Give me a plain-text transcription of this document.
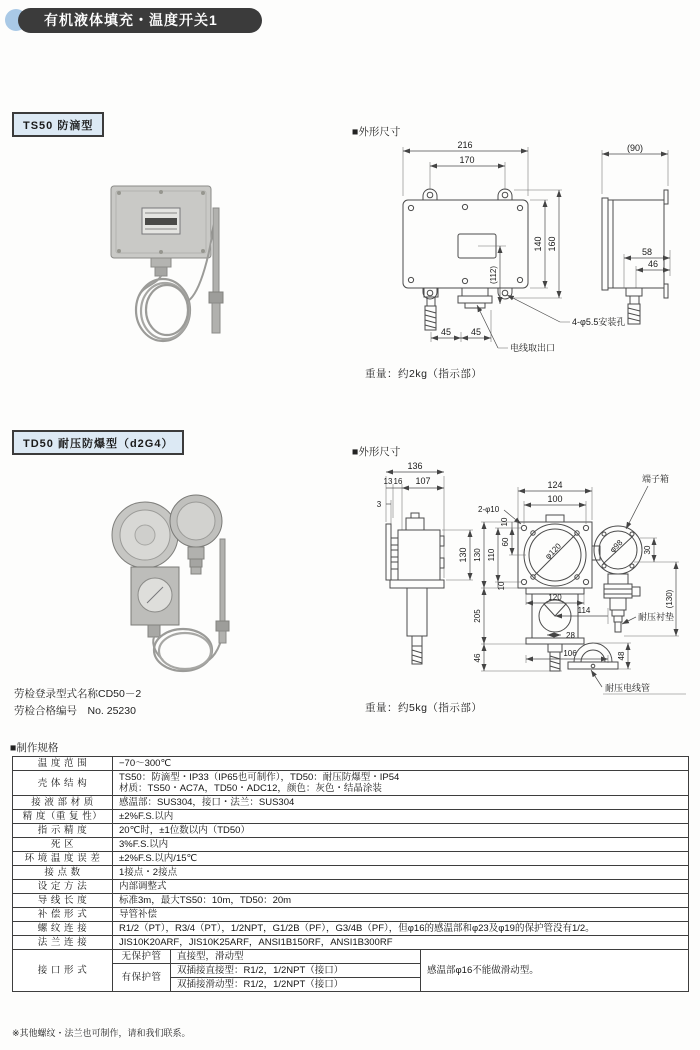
有机液体填充・温度开关1
TS50 防滴型	■外形尺寸
216
170
140 160
(112)
45 45
4-φ5.5安装孔
电线取出口
(90)
58
46
重量：约2kg（指示部）
TD50 耐压防爆型（d2G4）
■外形尺寸
136
13 16 107
3
130	φ120
124
100
2-φ10
130 110
60
10
10
205
46
120
114
28
106
φ98
端子箱
30
(130)
耐压衬垫
48
耐压电线管
劳检登录型式名称CD50－2
劳检合格编号　No. 25230	重量：约5kg（指示部）
■制作规格
温 度 范 围	−70～300℃		
壳 体 结 构	TS50：防滴型・IP33（IP65也可制作），TD50：耐压防爆型・IP54
材质：TS50・AC7A，TD50・ADC12，颜色：灰色・结晶涂装		

接 液 部 材 质	感温部：SUS304，接口・法兰：SUS304		
精 度（重 复 性）	±2%F.S.以内		
指 示 精 度	20℃时，±1位数以内（TD50）		
死 区	3%F.S.以内		
环 境 温 度 误 差	±2%F.S.以内/15℃		
接 点 数	1接点・2接点		
设 定 方 法	内部调整式		
导 线 长 度	标准3m，最大TS50：10m，TD50：20m		
补 偿 形 式	导管补偿		
螺 纹 连 接	R1/2（PT），R3/4（PT），1/2NPT，G1/2B（PF），G3/4B（PF），但φ16的感温部和φ23及φ19的保护管没有1/2。		
法 兰 连 接	JIS10K20ARF，JIS10K25ARF，ANSI1B150RF，ANSI1B300RF		
接 口 形 式	无保护管	直接型，滑动型	感温部φ16不能做滑动型。
	有保护管	双插接直接型：R1/2，1/2NPT（接口）	
		双插接滑动型：R1/2，1/2NPT（接口）	
※其他螺纹・法兰也可制作，请和我们联系。
